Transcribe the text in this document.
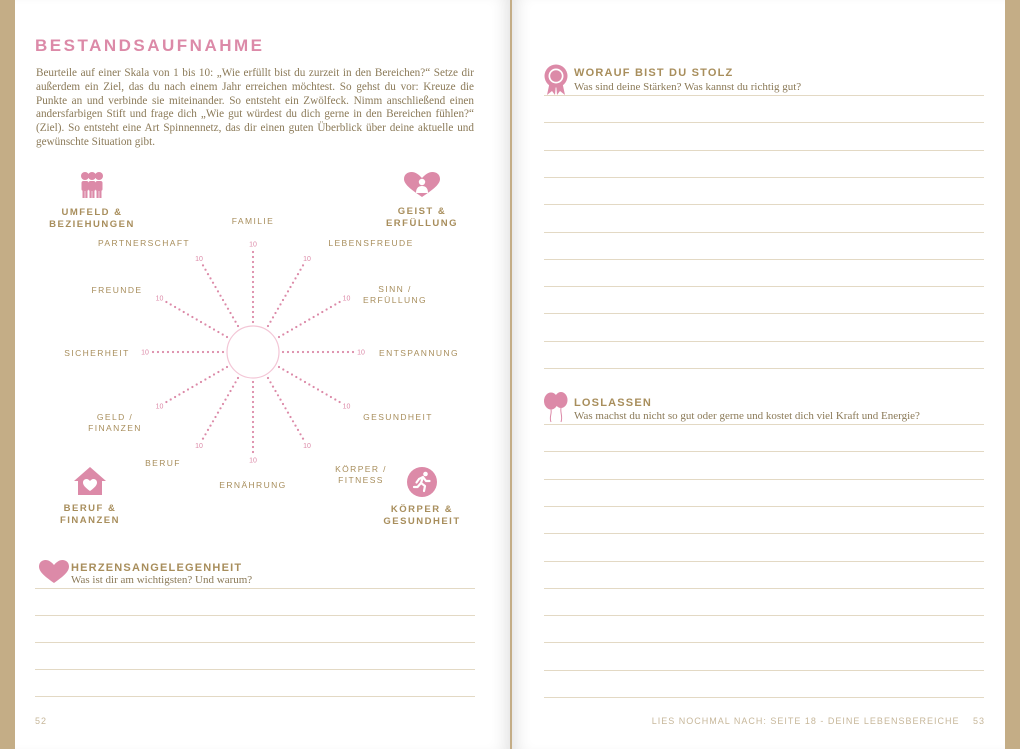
BESTANDSAUFNAHME

Beurteile auf einer Skala von 1 bis 10: „Wie erfüllt bist du zurzeit in den Bereichen?“ Setze dir außerdem ein Ziel, das du nach einem Jahr erreichen möchtest. So gehst du vor: Kreuze die Punkte an und verbinde sie miteinander. So entsteht ein Zwölfeck. Nimm anschließend einen andersfarbigen Stift und frage dich „Wie gut würdest du dich gerne in den Bereichen fühlen?“ (Ziel). So entsteht eine Art Spinnennetz, das dir einen guten Überblick über deine aktuelle und gewünschte Situation gibt.

UMFELD &
BEZIEHUNGEN
GEIST &
ERFÜLLUNG
BERUF &
FINANZEN
KÖRPER &
GESUNDHEIT
10
FAMILIE
10
LEBENSFREUDE
10
SINN / ERFÜLLUNG
10 ENTSPANNUNG
10
GESUNDHEIT
10
KÖRPER / FITNESS
10
ERNÄHRUNG
10
BERUF
10
GELD / FINANZEN
10
SICHERHEIT
10
FREUNDE
10
PARTNERSCHAFT
HERZENSANGELEGENHEIT
Was ist dir am wichtigsten? Und warum?
52
WORAUF BIST DU STOLZ
Was sind deine Stärken? Was kannst du richtig gut?
LOSLASSEN
Was machst du nicht so gut oder gerne und kostet dich viel Kraft und Energie?
LIES NOCHMAL NACH: SEITE 18 - DEINE LEBENSBEREICHE 53
